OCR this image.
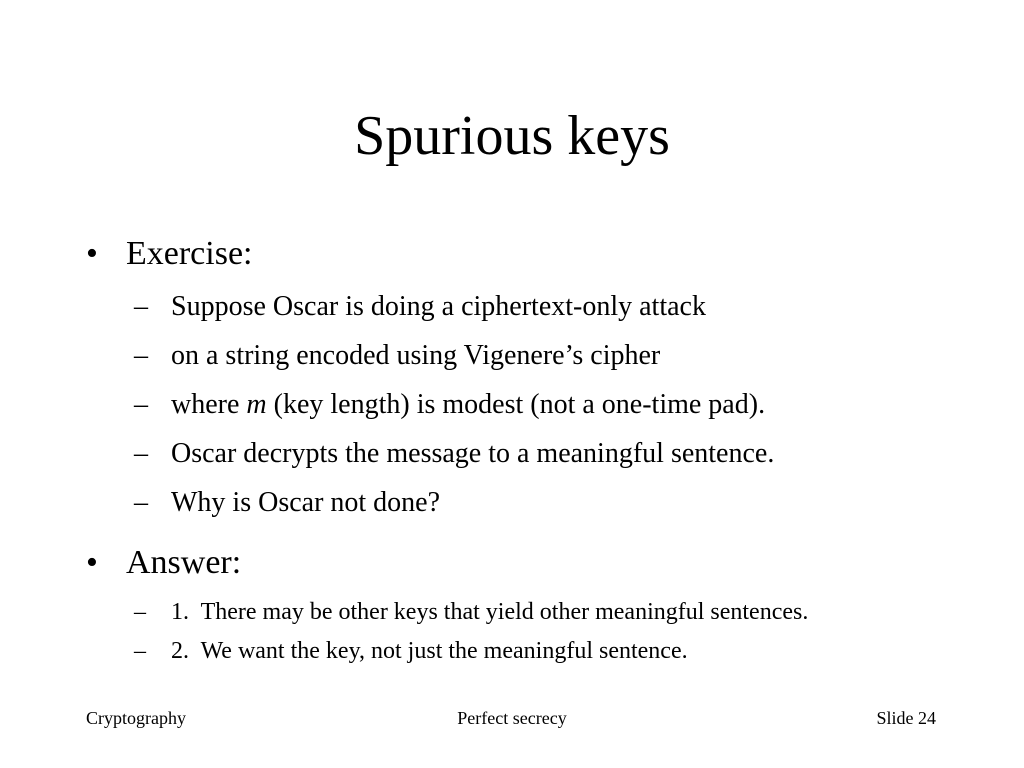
Spurious keys
• Exercise:
– Suppose Oscar is doing a ciphertext-only attack
– on a string encoded using Vigenere’s cipher
– where m (key length) is modest (not a one-time pad).
– Oscar decrypts the message to a meaningful sentence.
– Why is Oscar not done?
• Answer:
– 1.  There may be other keys that yield other meaningful sentences.
– 2.  We want the key, not just the meaningful sentence.
Cryptography	Perfect secrecy	Slide 24
